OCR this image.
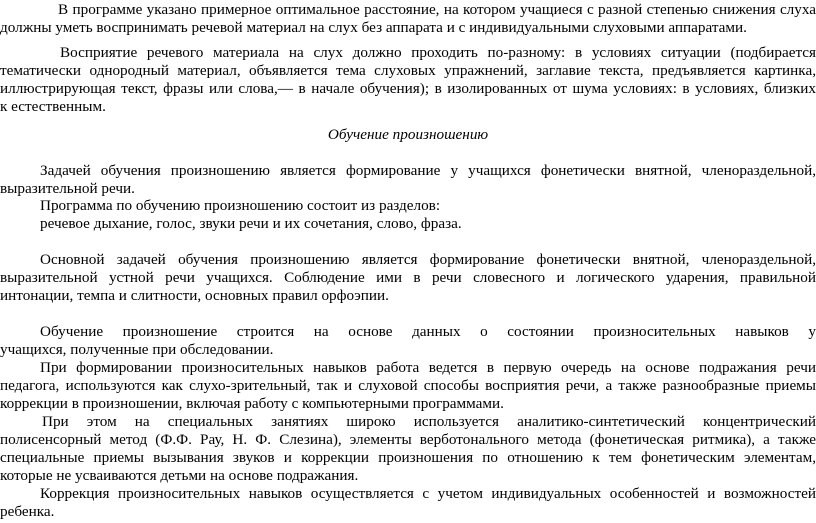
В программе указано примерное оптимальное расстояние, на котором учащиеся с разной степенью снижения слуха

должны уметь воспринимать речевой материал на слух без аппарата и с индивидуальными слуховыми аппаратами.

Восприятие речевого материала на слух должно проходить по-разному: в условиях ситуации (подбирается

тематически однородный материал, объявляется тема слуховых упражнений, заглавие текста, предъявляется картинка,

иллюстрирующая текст, фразы или слова,— в начале обучения); в изолированных от шума условиях: в условиях, близких

к естественным.

Обучение произношению

Задачей обучения произношению является формирование у учащихся фонетически внятной, членораздельной,

выразительной речи.

Программа по обучению произношению состоит из разделов:

речевое дыхание, голос, звуки речи и их сочетания, слово, фраза.

Основной задачей обучения произношению является формирование фонетически внятной, членораздельной,

выразительной устной речи учащихся. Соблюдение ими в речи словесного и логического ударения, правильной

интонации, темпа и слитности, основных правил орфоэпии.

Обучение произношение строится на основе данных о состоянии произносительных навыков у

учащихся, полученные при обследовании.

При формировании произносительных навыков работа ведется в первую очередь на основе подражания речи

педагога, используются как слухо-зрительный, так и слуховой способы восприятия речи, а также разнообразные приемы

коррекции в произношении, включая работу с компьютерными программами.

При этом на специальных занятиях широко используется аналитико-синтетический концентрический

полисенсорный метод (Ф.Ф. Рау, Н. Ф. Слезина), элементы верботонального метода (фонетическая ритмика), а также

специальные приемы вызывания звуков и коррекции произношения по отношению к тем фонетическим элементам,

которые не усваиваются детьми на основе подражания.

Коррекция произносительных навыков осуществляется с учетом индивидуальных особенностей и возможностей

ребенка.
